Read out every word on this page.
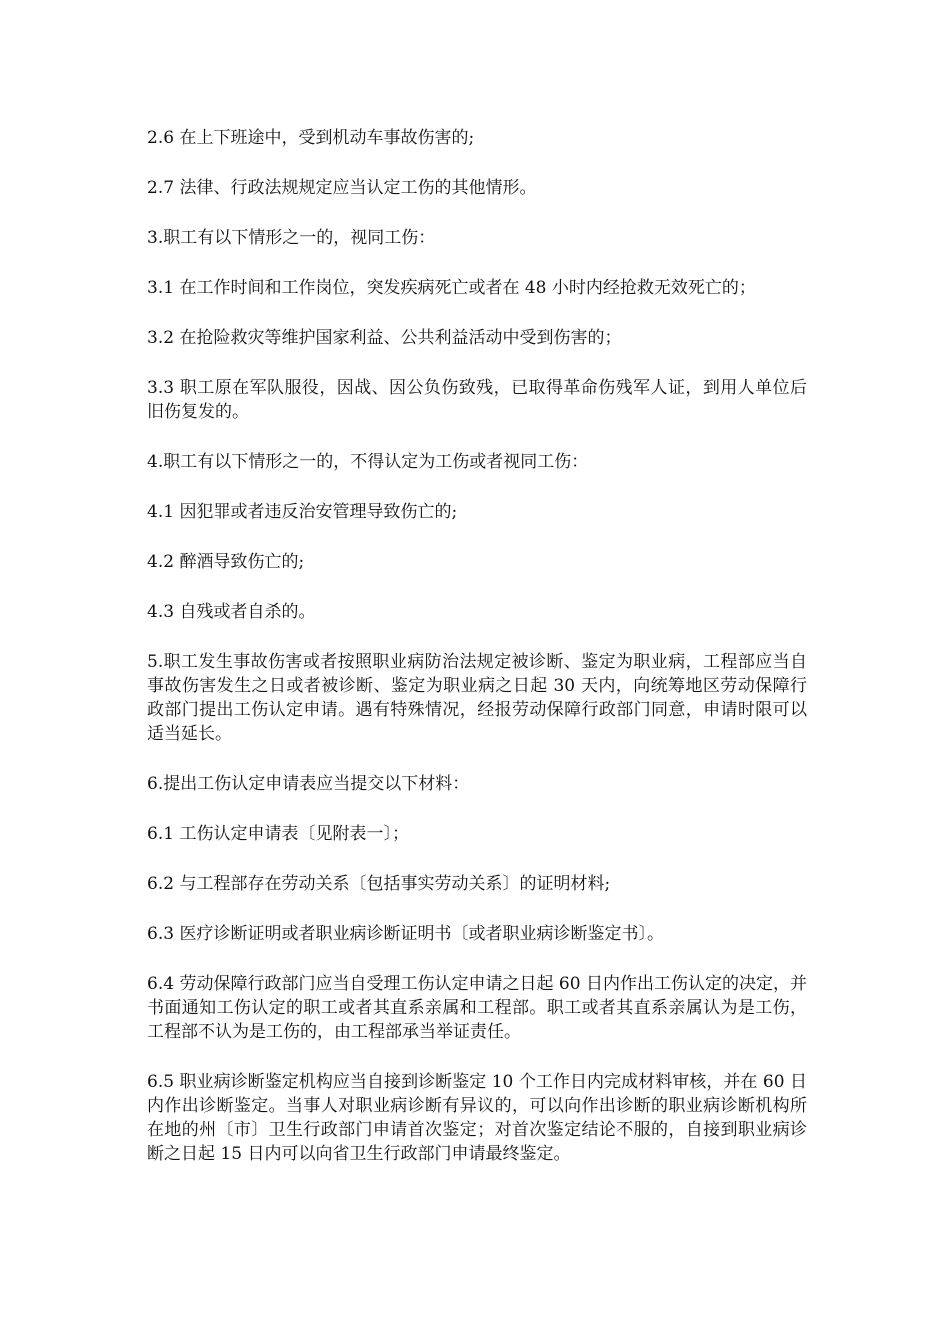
2.6 在上下班途中，受到机动车事故伤害的;

2.7 法律、行政法规规定应当认定工伤的其他情形。

3.职工有以下情形之一的，视同工伤：

3.1 在工作时间和工作岗位，突发疾病死亡或者在 48 小时内经抢救无效死亡的；

3.2 在抢险救灾等维护国家利益、公共利益活动中受到伤害的；

3.3 职工原在军队服役，因战、因公负伤致残，已取得革命伤残军人证，到用人单位后旧伤复发的。

4.职工有以下情形之一的，不得认定为工伤或者视同工伤：

4.1 因犯罪或者违反治安管理导致伤亡的;

4.2 醉酒导致伤亡的;

4.3 自残或者自杀的。

5.职工发生事故伤害或者按照职业病防治法规定被诊断、鉴定为职业病，工程部应当自事故伤害发生之日或者被诊断、鉴定为职业病之日起 30 天内，向统筹地区劳动保障行政部门提出工伤认定申请。遇有特殊情况，经报劳动保障行政部门同意，申请时限可以适当延长。

6.提出工伤认定申请表应当提交以下材料：

6.1 工伤认定申请表〔见附表一〕；

6.2 与工程部存在劳动关系〔包括事实劳动关系〕的证明材料;

6.3 医疗诊断证明或者职业病诊断证明书〔或者职业病诊断鉴定书〕。

6.4 劳动保障行政部门应当自受理工伤认定申请之日起 60 日内作出工伤认定的决定，并书面通知工伤认定的职工或者其直系亲属和工程部。职工或者其直系亲属认为是工伤，工程部不认为是工伤的，由工程部承当举证责任。

6.5 职业病诊断鉴定机构应当自接到诊断鉴定 10 个工作日内完成材料审核，并在 60 日内作出诊断鉴定。当事人对职业病诊断有异议的，可以向作出诊断的职业病诊断机构所在地的州〔市〕卫生行政部门申请首次鉴定；对首次鉴定结论不服的，自接到职业病诊断之日起 15 日内可以向省卫生行政部门申请最终鉴定。
